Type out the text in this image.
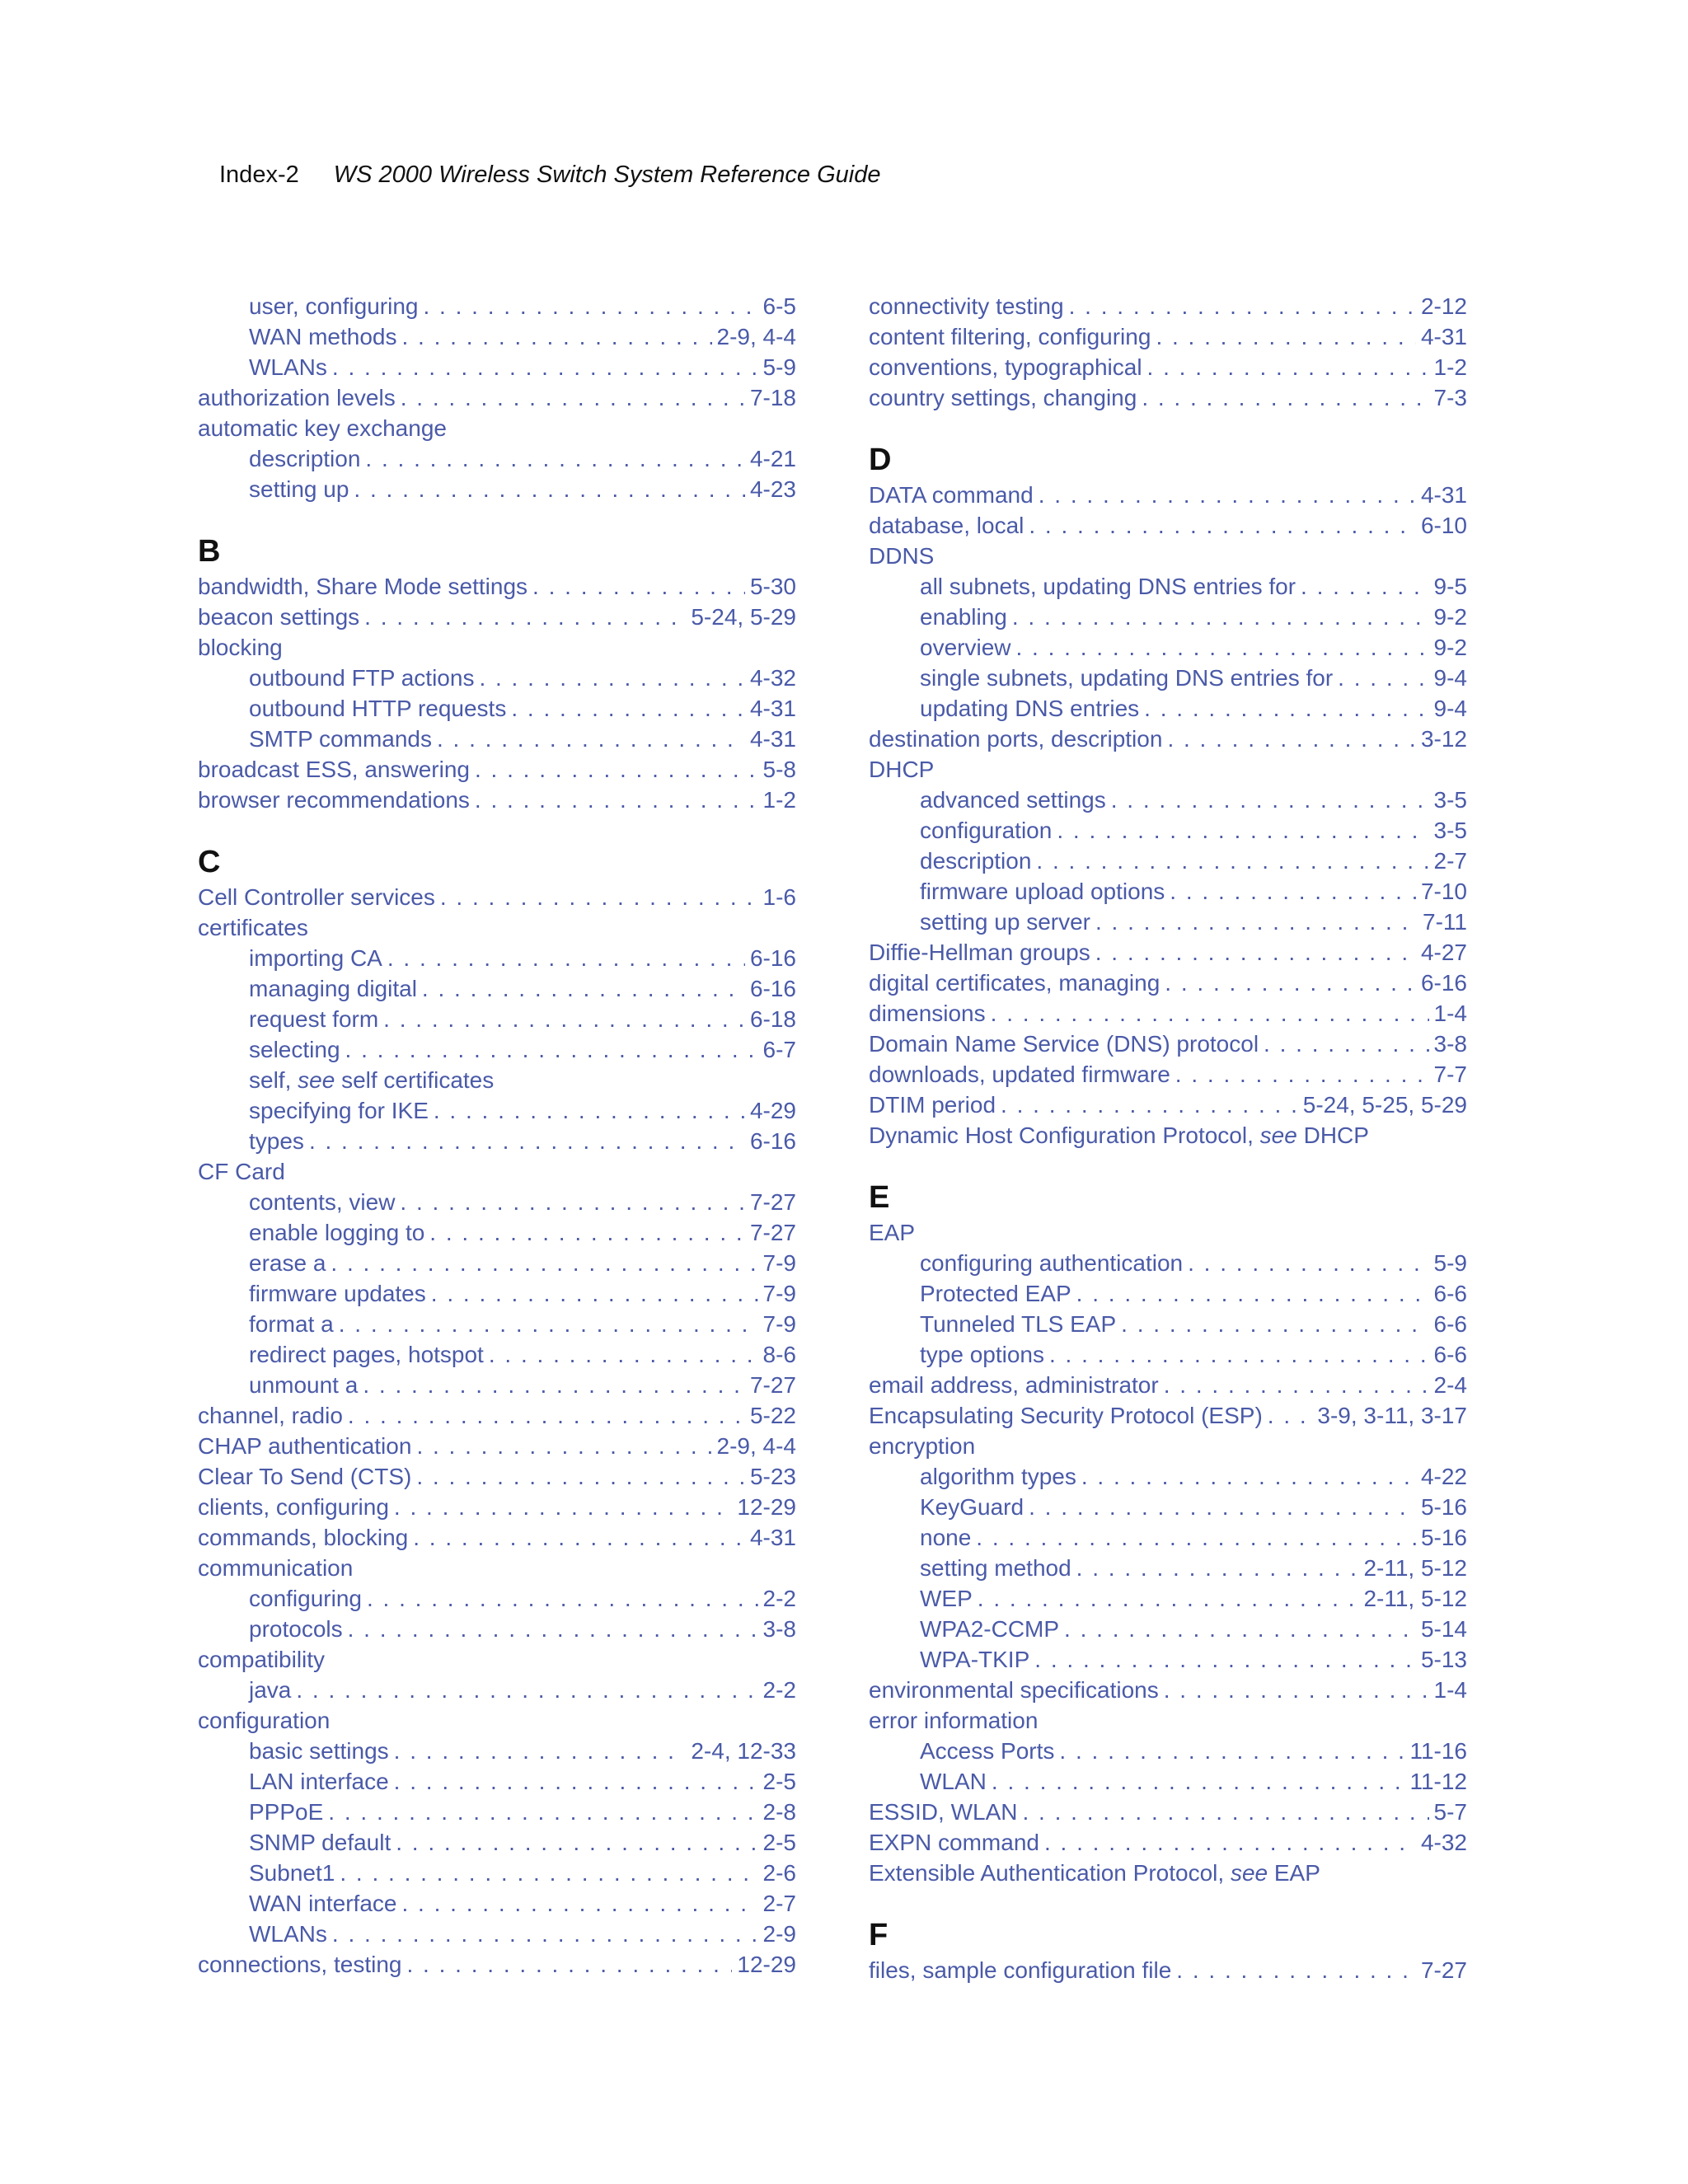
Index-2 WS 2000 Wireless Switch System Reference Guide
user, configuring . . .	6-5
WAN methods . . .	2-9, 4-4
WLANs . . .	5-9
authorization levels . . .	7-18
automatic key exchange
description . . .	4-21
setting up . . .	4-23
B
bandwidth, Share Mode settings . . .	5-30
beacon settings . . .	5-24, 5-29
blocking
outbound FTP actions . . .	4-32
outbound HTTP requests . . .	4-31
SMTP commands . . .	4-31
broadcast ESS, answering . . .	5-8
browser recommendations . . .	1-2
C
Cell Controller services . . .	1-6
certificates
importing CA . . .	6-16
managing digital . . .	6-16
request form . . .	6-18
selecting . . .	6-7
self, see self certificates
specifying for IKE . . .	4-29
types . . .	6-16
CF Card
contents, view . . .	7-27
enable logging to . . .	7-27
erase a . . .	7-9
firmware updates . . .	7-9
format a . . .	7-9
redirect pages, hotspot . . .	8-6
unmount a . . .	7-27
channel, radio . . .	5-22
CHAP authentication . . .	2-9, 4-4
Clear To Send (CTS) . . .	5-23
clients, configuring . . .	12-29
commands, blocking . . .	4-31
communication
configuring . . .	2-2
protocols . . .	3-8
compatibility
java . . .	2-2
configuration
basic settings . . .	2-4, 12-33
LAN interface . . .	2-5
PPPoE . . .	2-8
SNMP default . . .	2-5
Subnet1 . . .	2-6
WAN interface . . .	2-7
WLANs . . .	2-9
connections, testing . . .	12-29
connectivity testing . . .	2-12
content filtering, configuring . . .	4-31
conventions, typographical . . .	1-2
country settings, changing . . .	7-3
D
DATA command . . .	4-31
database, local . . .	6-10
DDNS
all subnets, updating DNS entries for . . .	9-5
enabling . . .	9-2
overview . . .	9-2
single subnets, updating DNS entries for . . .	9-4
updating DNS entries . . .	9-4
destination ports, description . . .	3-12
DHCP
advanced settings . . .	3-5
configuration . . .	3-5
description . . .	2-7
firmware upload options . . .	7-10
setting up server . . .	7-11
Diffie-Hellman groups . . .	4-27
digital certificates, managing . . .	6-16
dimensions . . .	1-4
Domain Name Service (DNS) protocol . . .	3-8
downloads, updated firmware . . .	7-7
DTIM period . . .	5-24, 5-25, 5-29
Dynamic Host Configuration Protocol, see DHCP
E
EAP
configuring authentication . . .	5-9
Protected EAP . . .	6-6
Tunneled TLS EAP . . .	6-6
type options . . .	6-6
email address, administrator . . .	2-4
Encapsulating Security Protocol (ESP) . . . 3-9, 3-11, 3-17
encryption
algorithm types . . .	4-22
KeyGuard . . .	5-16
none . . .	5-16
setting method . . .	2-11, 5-12
WEP . . .	2-11, 5-12
WPA2-CCMP . . .	5-14
WPA-TKIP . . .	5-13
environmental specifications . . .	1-4
error information
Access Ports . . .	11-16
WLAN . . .	11-12
ESSID, WLAN . . .	5-7
EXPN command . . .	4-32
Extensible Authentication Protocol, see EAP
F
files, sample configuration file . . .	7-27
